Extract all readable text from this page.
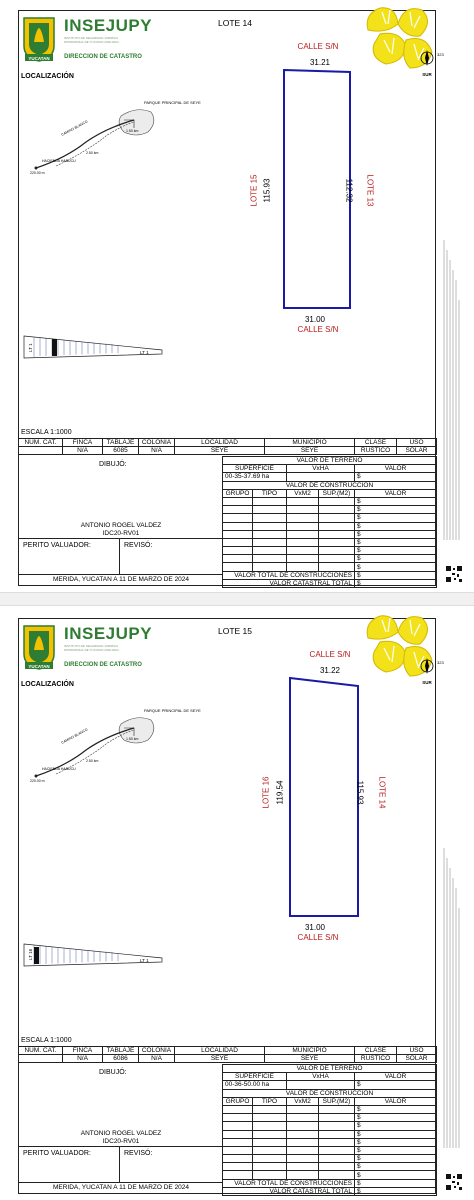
YUCATAN
INSEJUPY
INSTITUTO DE SEGURIDAD JURIDICA PATRIMONIAL DE YUCATAN 2018-2024
DIRECCION DE CATASTRO
LOTE 14
LOCALIZACIÓN
323
SUR
PARQUE PRINCIPAL DE SEYE
CAMINO BLANCO
HACIENDA HABUCU
1.50 km
2.50 km
220.00 m
LT 1
LT 1
CALLE S/N
31.21
LOTE 15 115.93	112.32 LOTE 13
31.00
CALLE S/N
ESCALA 1:1000
NUM. CAT.	FINCA	TABLAJE	COLONIA	LOCALIDAD	MUNICIPIO	CLASE	USO
	N/A	6085	N/A	SEYE	SEYE	RUSTICO	SOLAR
DIBUJÓ:
ANTONIO ROGEL VALDEZ
IDC20-RV01
PERITO VALUADOR:	REVISÓ:
MERIDA, YUCATAN A 11 DE MARZO DE 2024
VALOR DE TERRENO				
SUPERFICIE		VxHA		VALOR
00-35-37.69 ha				$
VALOR DE CONSTRUCCION				
GRUPO	TIPO	VxM2	SUP.(M2)	VALOR
				$
				$
				$
				$
				$
				$
				$
				$
				$
VALOR TOTAL DE CONSTRUCCIONES				$
VALOR CATASTRAL TOTAL				$
YUCATAN
INSEJUPY
INSTITUTO DE SEGURIDAD JURIDICA PATRIMONIAL DE YUCATAN 2018-2024
DIRECCION DE CATASTRO
LOTE 15
LOCALIZACIÓN
323
SUR
PARQUE PRINCIPAL DE SEYE
CAMINO BLANCO
HACIENDA HABUCU
1.50 km
2.50 km
220.00 m
LT 16
LT 1
CALLE S/N
31.22
LOTE 16 119.54	115.93 LOTE 14
31.00
CALLE S/N
ESCALA 1:1000
NUM. CAT.	FINCA	TABLAJE	COLONIA	LOCALIDAD	MUNICIPIO	CLASE	USO
	N/A	6086	N/A	SEYE	SEYE	RUSTICO	SOLAR
DIBUJÓ:
ANTONIO ROGEL VALDEZ
IDC20-RV01
PERITO VALUADOR:	REVISÓ:
MERIDA, YUCATAN A 11 DE MARZO DE 2024
VALOR DE TERRENO				
SUPERFICIE		VxHA		VALOR
00-36-50.00 ha				$
VALOR DE CONSTRUCCION				
GRUPO	TIPO	VxM2	SUP.(M2)	VALOR
				$
				$
				$
				$
				$
				$
				$
				$
				$
VALOR TOTAL DE CONSTRUCCIONES				$
VALOR CATASTRAL TOTAL				$
